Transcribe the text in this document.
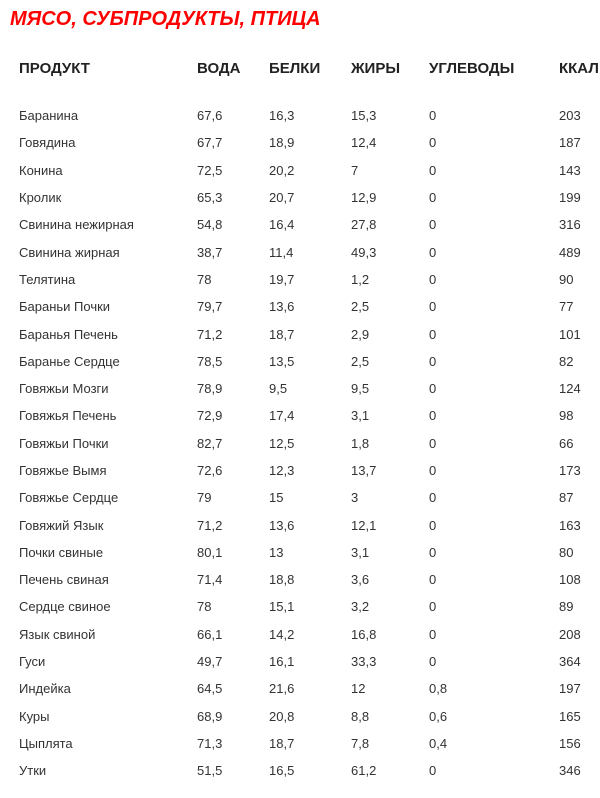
МЯСО, СУБПРОДУКТЫ, ПТИЦА
ПРОДУКТ	ВОДА	БЕЛКИ	ЖИРЫ	УГЛЕВОДЫ	ККАЛ

Баранина	67,6	16,3	15,3	0	203
Говядина	67,7	18,9	12,4	0	187
Конина	72,5	20,2	7	0	143
Кролик	65,3	20,7	12,9	0	199
Свинина нежирная	54,8	16,4	27,8	0	316
Свинина жирная	38,7	11,4	49,3	0	489
Телятина	78	19,7	1,2	0	90
Бараньи Почки	79,7	13,6	2,5	0	77
Баранья Печень	71,2	18,7	2,9	0	101
Баранье Сердце	78,5	13,5	2,5	0	82
Говяжьи Мозги	78,9	9,5	9,5	0	124
Говяжья Печень	72,9	17,4	3,1	0	98
Говяжьи Почки	82,7	12,5	1,8	0	66
Говяжье Вымя	72,6	12,3	13,7	0	173
Говяжье Сердце	79	15	3	0	87
Говяжий Язык	71,2	13,6	12,1	0	163
Почки свиные	80,1	13	3,1	0	80
Печень свиная	71,4	18,8	3,6	0	108
Сердце свиное	78	15,1	3,2	0	89
Язык свиной	66,1	14,2	16,8	0	208
Гуси	49,7	16,1	33,3	0	364
Индейка	64,5	21,6	12	0,8	197
Куры	68,9	20,8	8,8	0,6	165
Цыплята	71,3	18,7	7,8	0,4	156
Утки	51,5	16,5	61,2	0	346
